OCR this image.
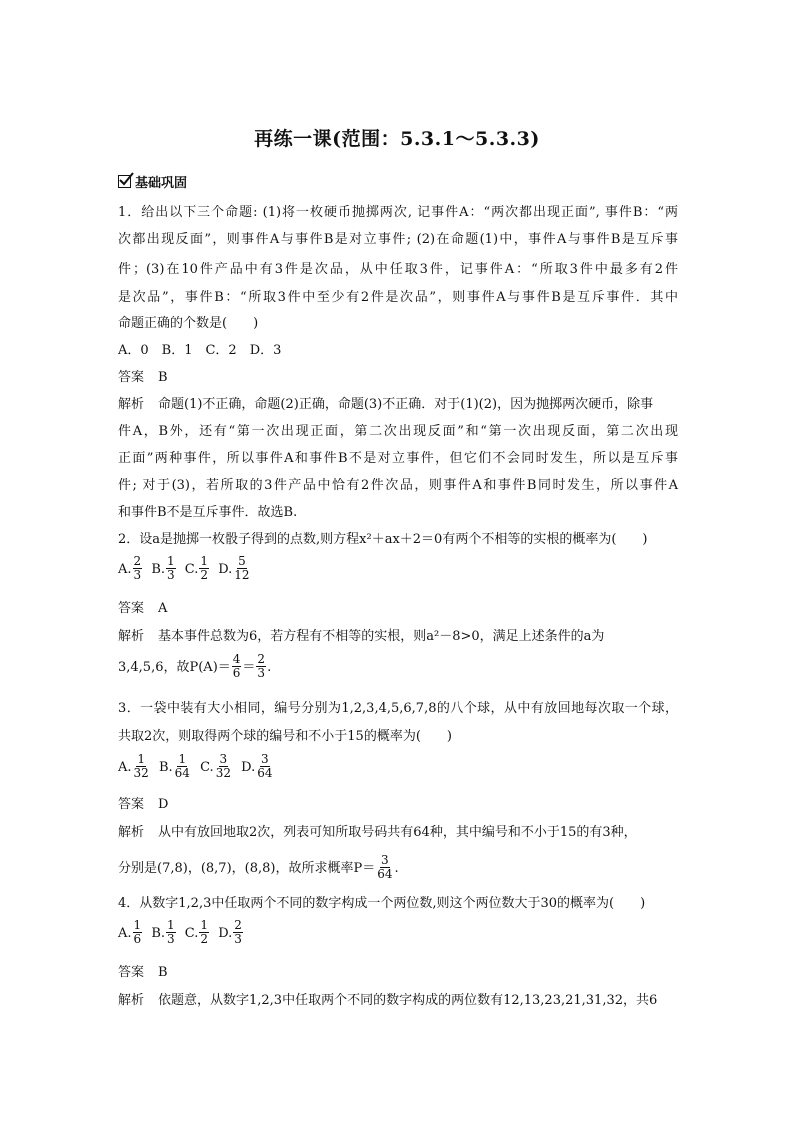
再练一课(范围：5.3.1～5.3.3)
基础巩固
1．给出以下三个命题: (1)将一枚硬币抛掷两次, 记事件A：“两次都出现正面”, 事件B：“两
次都出现反面”，则事件A与事件B是对立事件; (2)在命题(1)中，事件A与事件B是互斥事
件；(3)在10件产品中有3件是次品，从中任取3件，记事件A：“所取3件中最多有2件
是次品”，事件B：“所取3件中至少有2件是次品”，则事件A与事件B是互斥事件．其中
命题正确的个数是(　　)
A．0　B．1　C．2　D．3
答案 B
解析 命题(1)不正确，命题(2)正确，命题(3)不正确．对于(1)(2)，因为抛掷两次硬币，除事
件A，B外，还有“第一次出现正面，第二次出现反面”和“第一次出现反面，第二次出现
正面”两种事件，所以事件A和事件B不是对立事件，但它们不会同时发生，所以是互斥事
件; 对于(3)，若所取的3件产品中恰有2件次品，则事件A和事件B同时发生，所以事件A
和事件B不是互斥事件．故选B.
2．设a是抛掷一枚骰子得到的点数,则方程x²＋ax＋2＝0有两个不相等的实根的概率为(　　)
A. $\frac{2}{3} B$. $\frac{1}{3} C$. $\frac{1}{2} D$. $\frac{5}{12}$
答案 A
解析 基本事件总数为6，若方程有不相等的实根，则a²－8>0，满足上述条件的a为
3,4,5,6，故$P(A)= \frac{4}{6} = \frac{2}{3}$ .
3．一袋中装有大小相同，编号分别为1,2,3,4,5,6,7,8的八个球，从中有放回地每次取一个球，
共取2次，则取得两个球的编号和不小于15的概率为(　　)
A. $\frac{1}{32} B$. $\frac{1}{64} C$. $\frac{3}{32} D$. $\frac{3}{64}$
答案 D
解析 从中有放回地取2次，列表可知所取号码共有64种，其中编号和不小于15的有3种，
分别是(7,8)，(8,7)，(8,8)，故所求概率$P= \frac{3}{64}$ .
4．从数字1,2,3中任取两个不同的数字构成一个两位数,则这个两位数大于30的概率为(　　)
A. $\frac{1}{6} B$. $\frac{1}{3} C$. $\frac{1}{2} D$. $\frac{2}{3}$
答案 B
解析 依题意，从数字1,2,3中任取两个不同的数字构成的两位数有12,13,23,21,31,32，共6
